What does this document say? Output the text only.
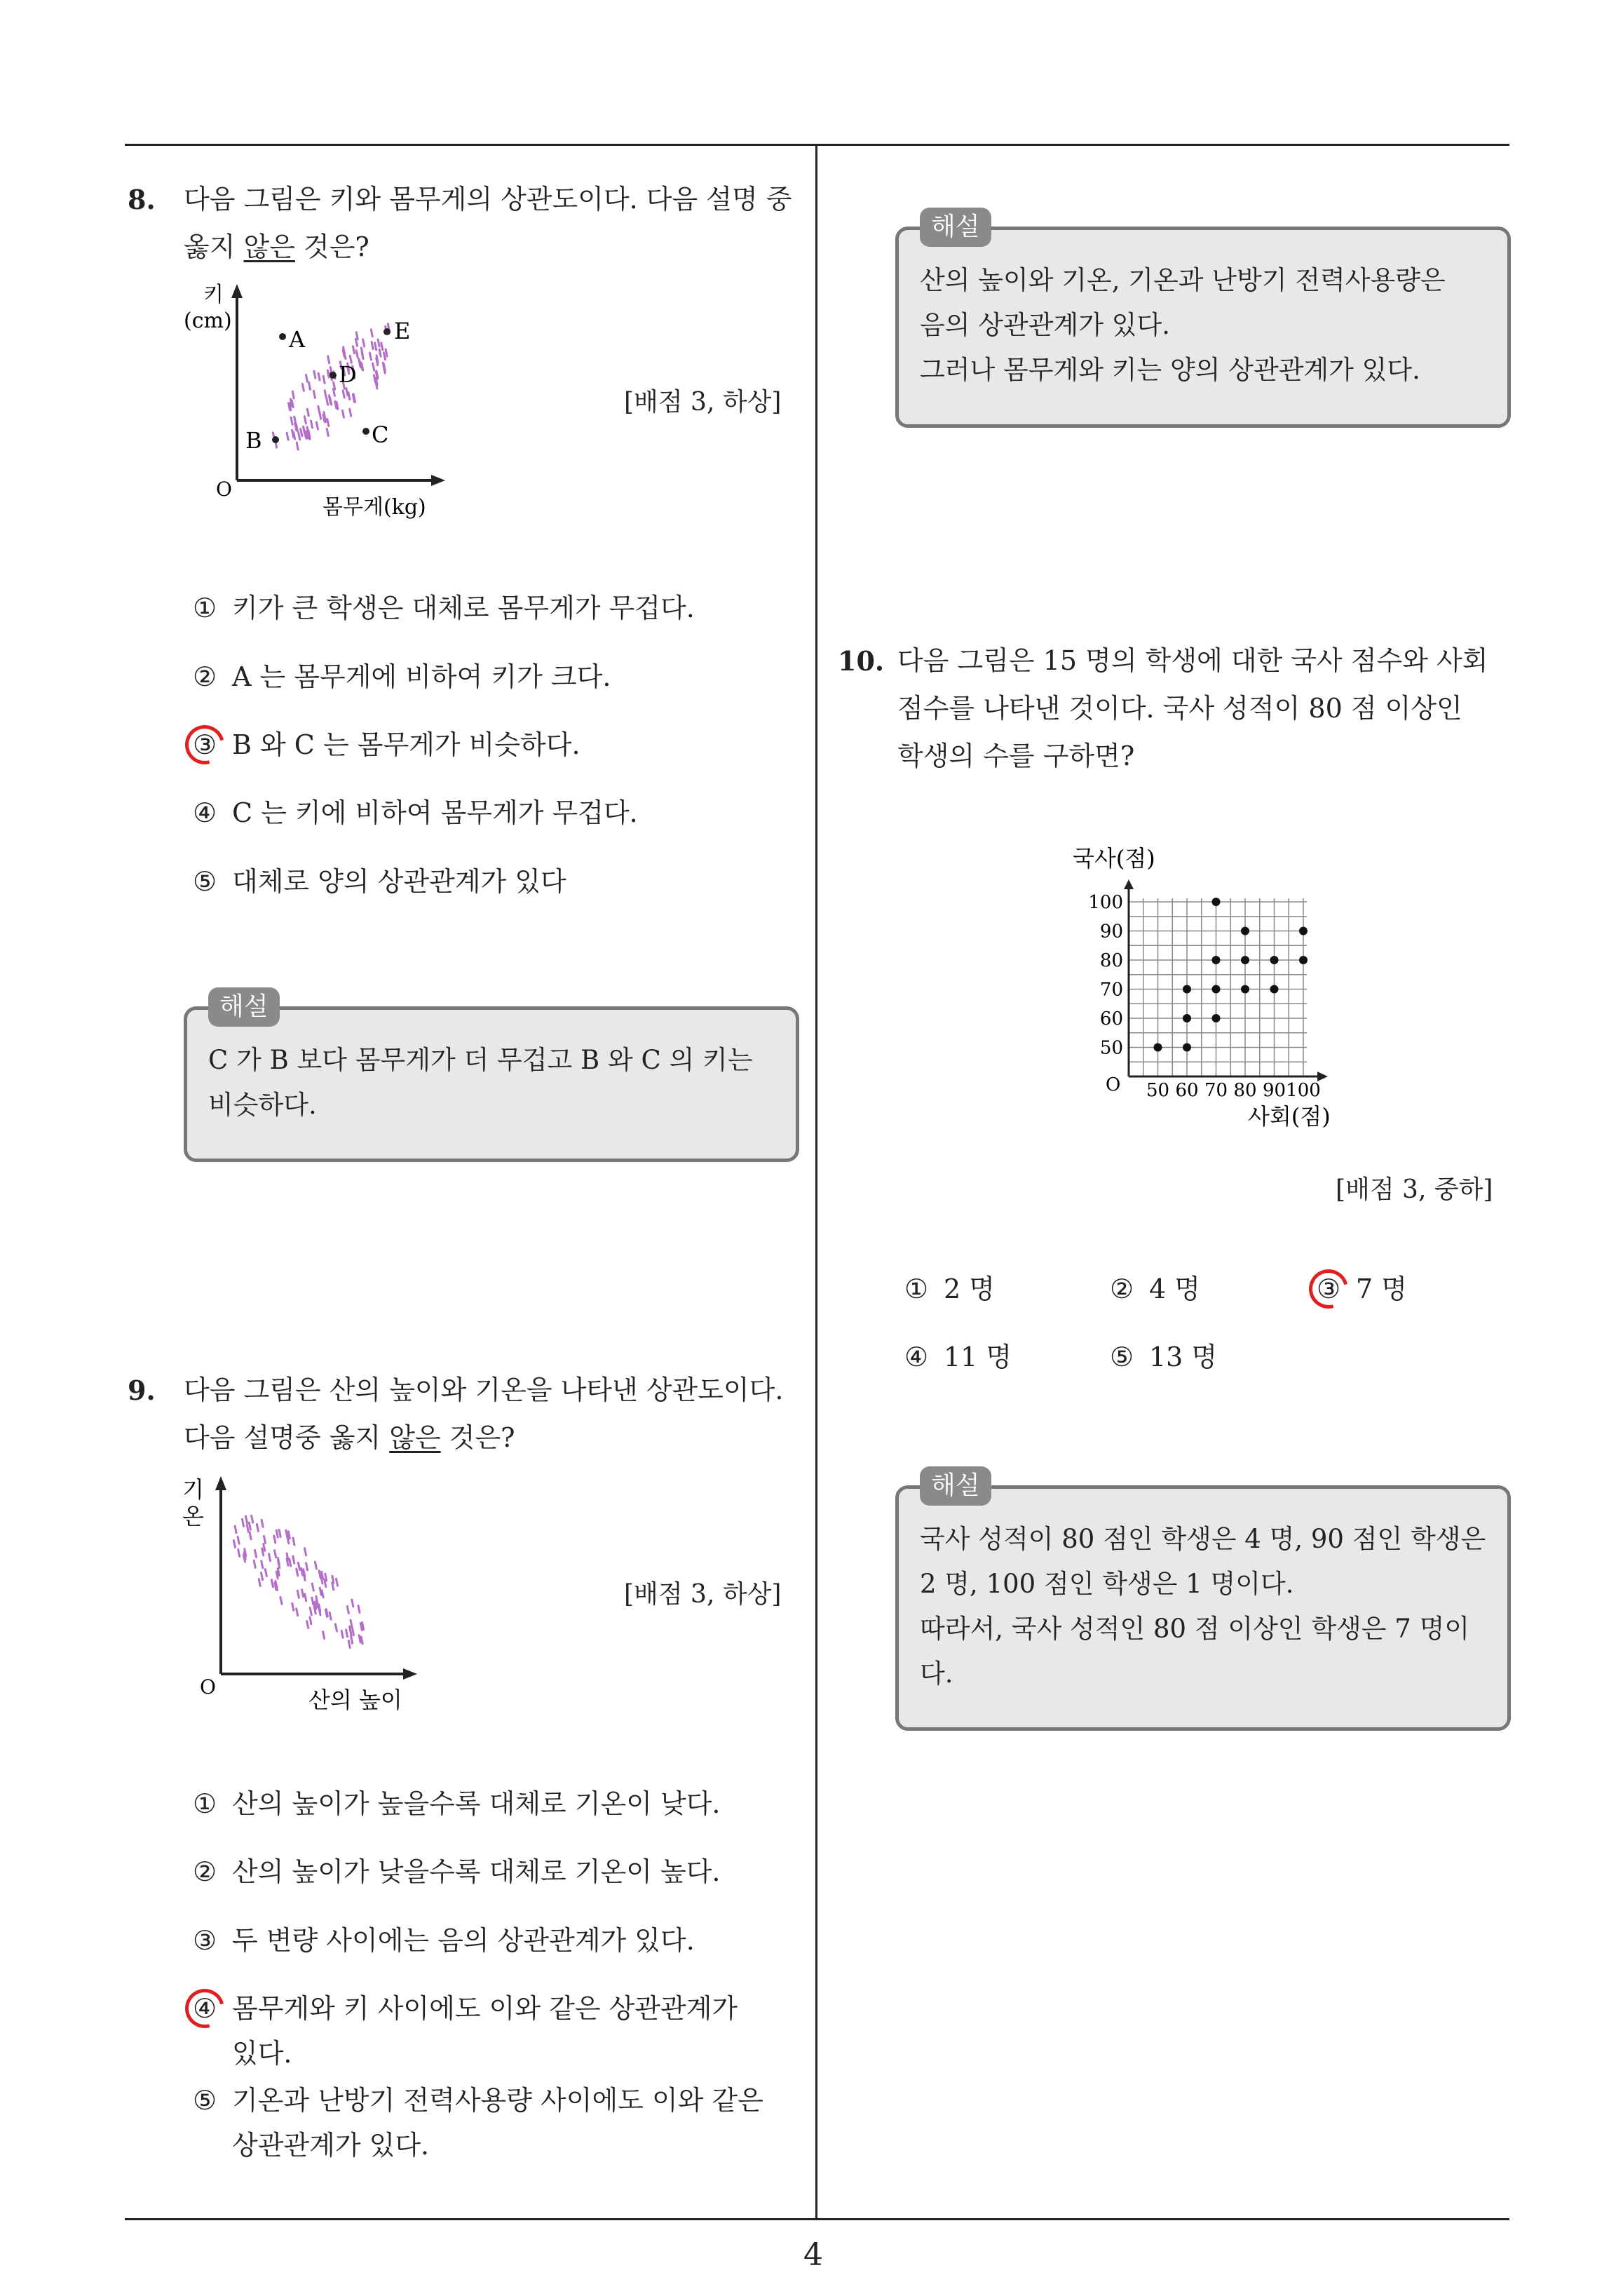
4
8. 다음 그림은 키와 몸무게의 상관도이다. 다음 설명 중
옳지 않은 것은?
키
(cm)
O
몸무게(kg)
A	E
D
B	C
[배점 3, 하상]
① 키가 큰 학생은 대체로 몸무게가 무겁다.
② A 는 몸무게에 비하여 키가 크다.
③ B 와 C 는 몸무게가 비슷하다.
④ C 는 키에 비하여 몸무게가 무겁다.
⑤ 대체로 양의 상관관계가 있다
해설
C 가 B 보다 몸무게가 더 무겁고 B 와 C 의 키는
비슷하다.
9. 다음 그림은 산의 높이와 기온을 나타낸 상관도이다.
다음 설명중 옳지 않은 것은?
기
온
O	산의 높이
[배점 3, 하상]
① 산의 높이가 높을수록 대체로 기온이 낮다.
② 산의 높이가 낮을수록 대체로 기온이 높다.
③ 두 변량 사이에는 음의 상관관계가 있다.
④ 몸무게와 키 사이에도 이와 같은 상관관계가
있다.
⑤ 기온과 난방기 전력사용량 사이에도 이와 같은
상관관계가 있다.
해설
산의 높이와 기온, 기온과 난방기 전력사용량은
음의 상관관계가 있다.
그러나 몸무게와 키는 양의 상관관계가 있다.
10. 다음 그림은 15 명의 학생에 대한 국사 점수와 사회
점수를 나타낸 것이다. 국사 성적이 80 점 이상인
학생의 수를 구하면?
국사(점)
사회(점)
O 50 60 70 80 90 100
50
60
70
80
90
100
[배점 3, 중하]
① 2 명	② 4 명	③ 7 명
④ 11 명	⑤ 13 명
해설
국사 성적이 80 점인 학생은 4 명, 90 점인 학생은
2 명, 100 점인 학생은 1 명이다.
따라서, 국사 성적인 80 점 이상인 학생은 7 명이
다.
